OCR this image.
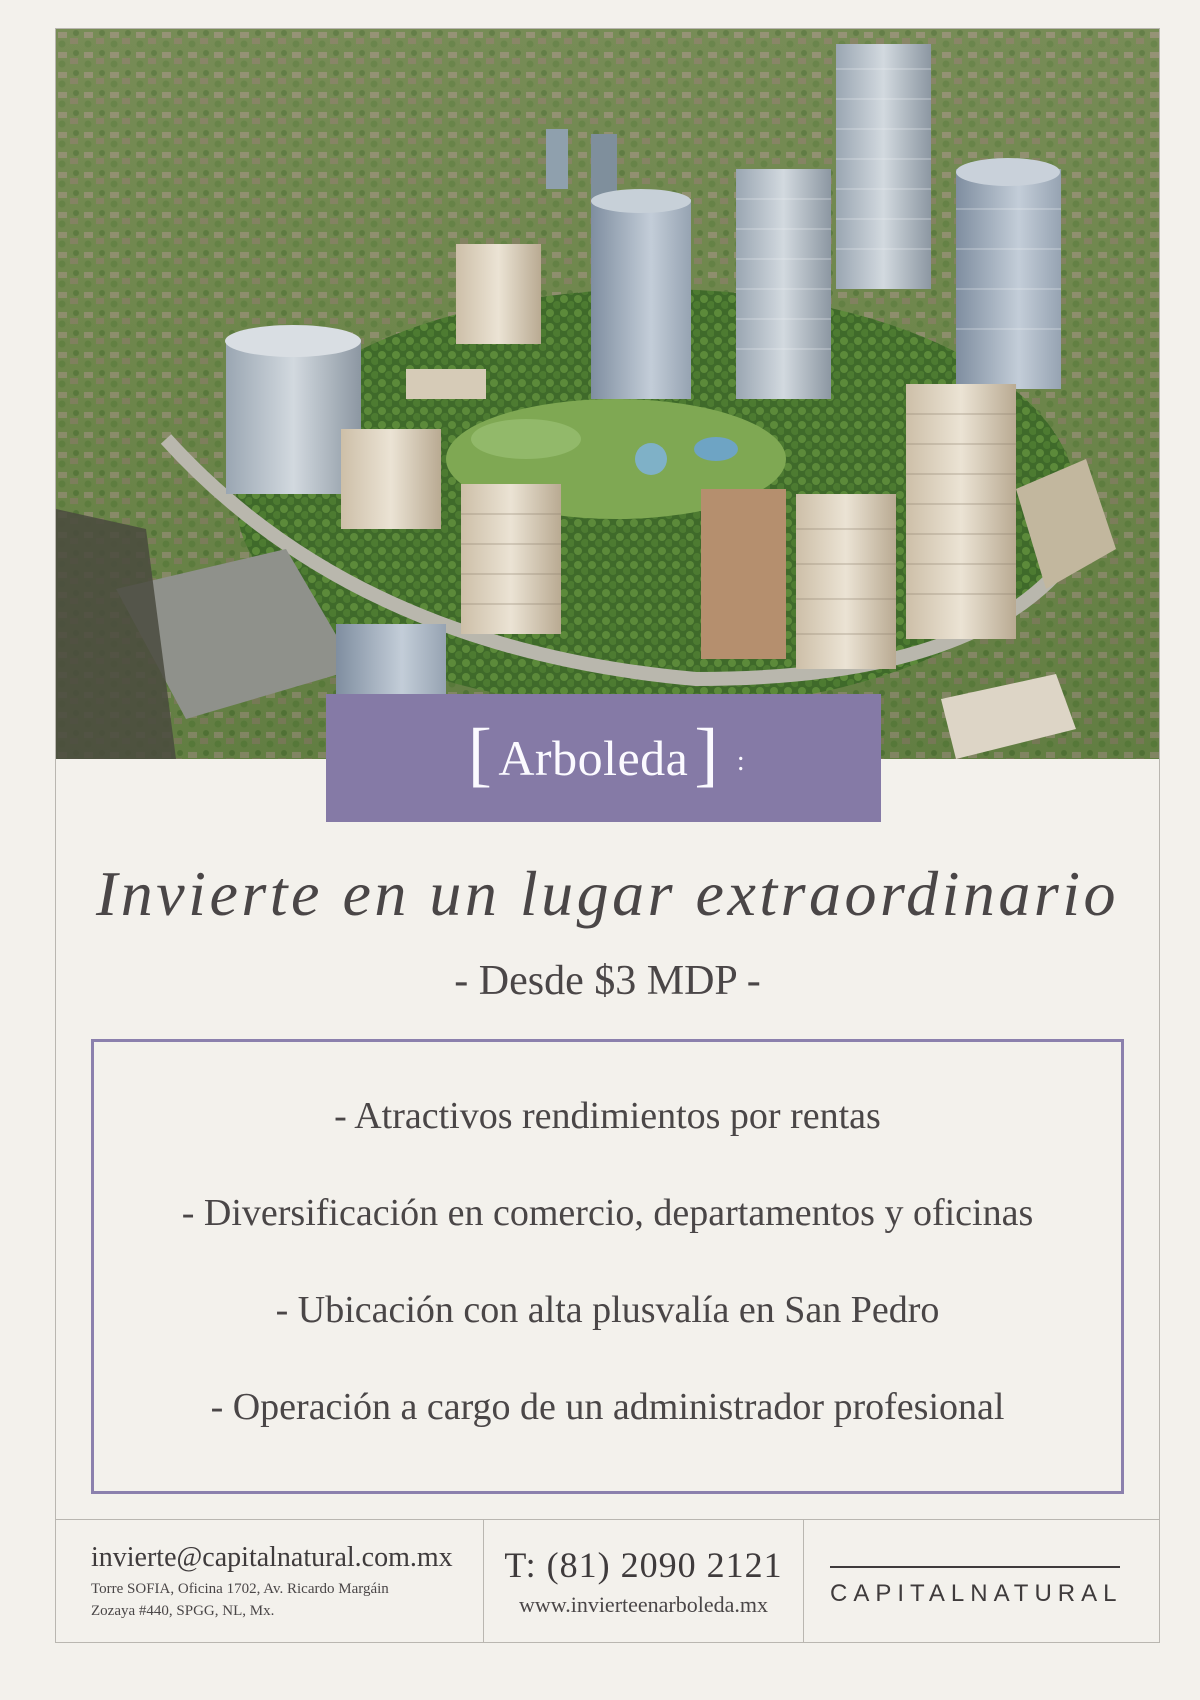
[ Arboleda ] :
Invierte en un lugar extraordinario
- Desde $3 MDP -
- Atractivos rendimientos por rentas
- Diversificación en comercio, departamentos y oficinas
- Ubicación con alta plusvalía en San Pedro
- Operación a cargo de un administrador profesional
invierte@capitalnatural.com.mx
Torre SOFIA, Oficina 1702, Av. Ricardo Margáin
Zozaya #440, SPGG, NL, Mx.
T: (81) 2090 2121
www.invierteenarboleda.mx	CAPITALNATURAL
